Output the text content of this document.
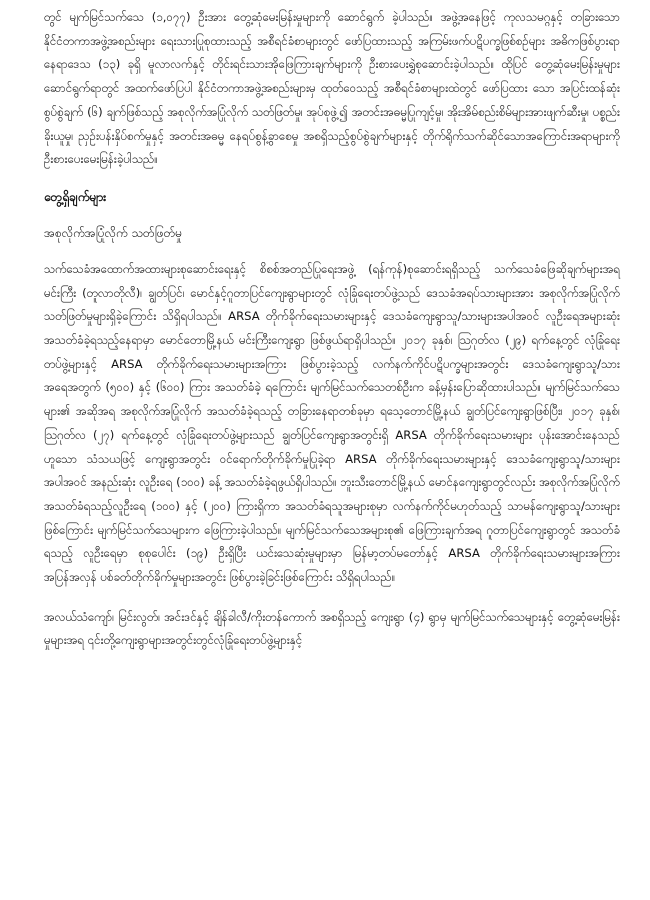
တွင် မျက်မြင်သက်သေ (၁,၀၇၇) ဦးအား တွေ့ဆုံမေးမြန်းမှုများကို ဆောင်ရွက် ခဲ့ပါသည်။ အဖွဲ့အနေဖြင့် ကုလသမဂ္ဂနှင့် တခြားသောနိုင်ငံတကာအဖွဲ့အစည်းများ ရေးသားပြုစုထားသည့် အစီရင်ခံစာများတွင် ဖော်ပြထားသည့် အကြမ်းဖက်ပဋိပက္ခဖြစ်စဉ်များ အဓိကဖြစ်ပွားရာနေရာဒေသ (၁၃) ခုရှိ မူလာလက်နှင့် တိုင်းရင်းသားအိုဖြေကြားချက်များကို ဦးစားပေးရွှဲစုဆောင်းခဲ့ပါသည်။ ထိုပြင် တွေ့ဆုံမေးမြန်းမှုများ ဆောင်ရွက်ရာတွင် အထက်ဖော်ပြပါ နိုင်ငံတကာအဖွဲ့အစည်းများမှ ထုတ်ဝေသည့် အစီရင်ခံစာများထဲတွင် ဖော်ပြထား သော အပြင်းထန်ဆုံးစွပ်စွဲချက် (၆) ချက်ဖြစ်သည့် အစုလိုက်အပြုံလိုက် သတ်ဖြတ်မှု၊ အုပ်စုဖွဲ့၍ အတင်းအဓမ္မပြုကျင့်မှု၊ အိုးအိမ်စည်းစိမ်များအားဖျက်ဆီးမှု၊ ပစ္စည်းခိုးယူမှု၊ ညှဉ်းပန်းနှိပ်စက်မှုနှင့် အတင်းအဓမ္မ နေရပ်စွန့်ခွာစေမှု အစရှိသည့်စွပ်စွဲချက်များနှင့် တိုက်ရိုက်သက်ဆိုင်သောအကြောင်းအရာများကို ဦးစားပေးမေးမြန်းခဲ့ပါသည်။

တွေ့ရှိချက်များ
အစုလိုက်အပြုံလိုက် သတ်ဖြတ်မှု

သက်သေခံအထောက်အထားများစုဆောင်းရေးနှင့် စိစစ်အတည်ပြုရေးအဖွဲ့ (ရန်ကုန်)စုဆောင်းရရှိသည့် သက်သေခံဖြေဆိုချက်များအရ မင်းကြီး (တူလာတိုလီ)၊ ချွတ်ပြင်၊ မောင်နှင့်ဂူတာပြင်ကျေးရွာများတွင် လုံခြုံရေးတပ်ဖွဲ့သည် ဒေသခံအရပ်သားများအား အစုလိုက်အပြုံလိုက်သတ်ဖြတ်မှုများရှိခဲ့ကြောင်း သိရှိရပါသည်။ ARSA တိုက်ခိုက်ရေးသမားများနှင့် ဒေသခံကျေးရွာသူ/သားများအပါအဝင် လူဦးရေအများဆုံး အသတ်ခံခဲ့ရသည့်နေရာမှာ မောင်တောမြို့နယ် မင်းကြီးကျေးရွာ ဖြစ်ဖွယ်ရာရှိပါသည်။ ၂၀၁၇ ခုနှစ်၊ ဩဂုတ်လ (၂၉) ရက်နေ့တွင် လုံခြုံရေးတပ်ဖွဲ့များနှင့် ARSA တိုက်ခိုက်ရေးသမားများအကြား ဖြစ်ပွားခဲ့သည့် လက်နက်ကိုင်ပဋိပက္ခများအတွင်း ဒေသခံကျေးရွာသူ/သား အရေအတွက် (၅၀၀) နှင့် (၆၀၀) ကြား အသတ်ခံခဲ့ ရကြောင်း မျက်မြင်သက်သေတစ်ဦးက ခန့်မှန်းပြောဆိုထားပါသည်။ မျက်မြင်သက်သေများ၏ အဆိုအရ အစုလိုက်အပြုံလိုက် အသတ်ခံခဲ့ရသည့် တခြားနေရာတစ်ခုမှာ ရသေ့တောင်မြို့နယ် ချွတ်ပြင်ကျေးရွာဖြစ်ပြီး၊ ၂၀၁၇ ခုနှစ်၊ ဩဂုတ်လ (၂၇) ရက်နေ့တွင် လုံခြုံရေးတပ်ဖွဲ့များသည် ချွတ်ပြင်ကျေးရွာအတွင်းရှိ ARSA တိုက်ခိုက်ရေးသမားများ ပုန်းအောင်းနေသည်ဟူသော သံသယဖြင့် ကျေးရွာအတွင်း ဝင်ရောက်တိုက်ခိုက်မှုပြုခဲ့ရာ ARSA တိုက်ခိုက်ရေးသမားများနှင့် ဒေသခံကျေးရွာသူ/သားများအပါအဝင် အနည်းဆုံး လူဦးရေ (၁၀၀) ခန့် အသတ်ခံခဲ့ရဖွယ်ရှိပါသည်။ ဘူးသီးတောင်မြို့နယ် မောင်နကျေးရွာတွင်လည်း အစုလိုက်အပြုံလိုက် အသတ်ခံရသည့်လူဦးရေ (၁၀၀) နှင့် (၂၀၀) ကြားရှိကာ အသတ်ခံရသူအများစုမှာ လက်နက်ကိုင်မဟုတ်သည့် သာမန်ကျေးရွာသူ/သားများဖြစ်ကြောင်း မျက်မြင်သက်သေများက ဖြေကြားခဲ့ပါသည်။ မျက်မြင်သက်သေအများစု၏ ဖြေကြားချက်အရ ဂူတာပြင်ကျေးရွာတွင် အသတ်ခံရသည့် လူဦးရေမှာ စုစုပေါင်း (၁၉) ဦးရှိပြီး ယင်းသေဆုံးမှုများမှာ မြန်မာ့တပ်မတော်နှင့် ARSA တိုက်ခိုက်ရေးသမားများအကြား အပြန်အလှန် ပစ်ခတ်တိုက်ခိုက်မှုများအတွင်း ဖြစ်ပွားခဲ့ခြင်းဖြစ်ကြောင်း သိရှိရပါသည်။

အလယ်သံကျော်၊ မြင်းလွတ်၊ အင်းဒင်နှင့် ချိန်ခါလီ/ကိုးတန်ကောက် အစရှိသည့် ကျေးရွာ (၄) ရွာမှ မျက်မြင်သက်သေများနှင့် တွေ့ဆုံမေးမြန်းမှုများအရ ၎င်းတို့ကျေးရွာများအတွင်းတွင်လုံခြုံရေးတပ်ဖွဲ့များနှင့်
